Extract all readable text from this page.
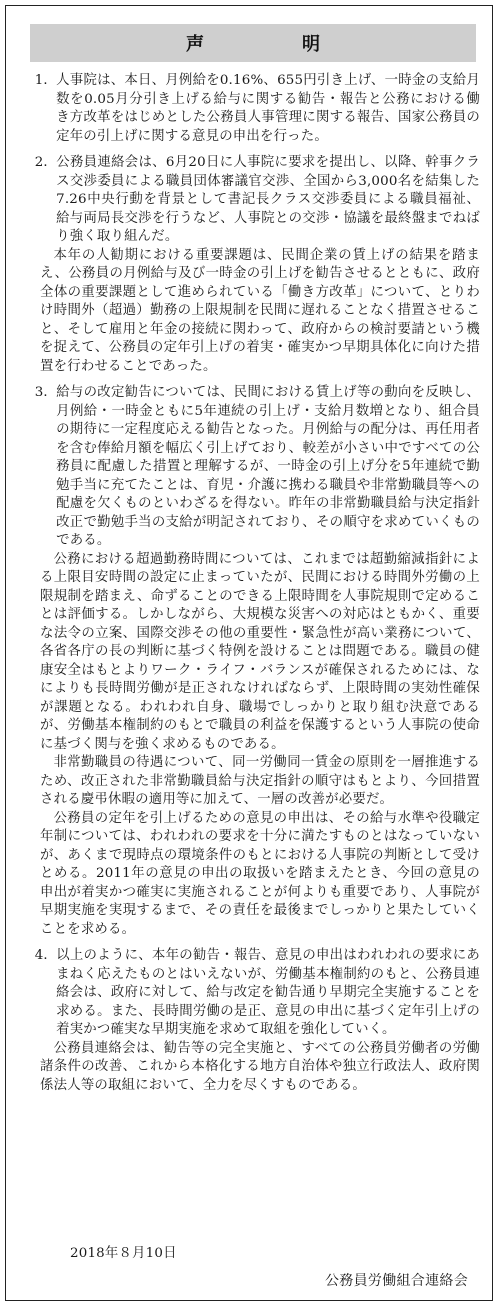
声　明

1．人事院は、本日、月例給を0.16%、655円引き上げ、一時金の支給月数を0.05月分引き上げる給与に関する勧告・報告と公務における働き方改革をはじめとした公務員人事管理に関する報告、国家公務員の定年の引上げに関する意見の申出を行った。

2．公務員連絡会は、6月20日に人事院に要求を提出し、以降、幹事クラス交渉委員による職員団体審議官交渉、全国から3,000名を結集した7.26中央行動を背景として書記長クラス交渉委員による職員福祉、給与両局長交渉を行うなど、人事院との交渉・協議を最終盤までねばり強く取り組んだ。

本年の人勧期における重要課題は、民間企業の賃上げの結果を踏まえ、公務員の月例給与及び一時金の引上げを勧告させるとともに、政府全体の重要課題として進められている「働き方改革」について、とりわけ時間外（超過）勤務の上限規制を民間に遅れることなく措置させること、そして雇用と年金の接続に関わって、政府からの検討要請という機を捉えて、公務員の定年引上げの着実・確実かつ早期具体化に向けた措置を行わせることであった。

3．給与の改定勧告については、民間における賃上げ等の動向を反映し、月例給・一時金ともに5年連続の引上げ・支給月数増となり、組合員の期待に一定程度応える勧告となった。月例給与の配分は、再任用者を含む俸給月額を幅広く引上げており、較差が小さい中ですべての公務員に配慮した措置と理解するが、一時金の引上げ分を5年連続で勤勉手当に充てたことは、育児・介護に携わる職員や非常勤職員等への配慮を欠くものといわざるを得ない。昨年の非常勤職員給与決定指針改正で勤勉手当の支給が明記されており、その順守を求めていくものである。

公務における超過勤務時間については、これまでは超勤縮減指針による上限目安時間の設定に止まっていたが、民間における時間外労働の上限規制を踏まえ、命ずることのできる上限時間を人事院規則で定めることは評価する。しかしながら、大規模な災害への対応はともかく、重要な法令の立案、国際交渉その他の重要性・緊急性が高い業務について、各省各庁の長の判断に基づく特例を設けることは問題である。職員の健康安全はもとよりワーク・ライフ・バランスが確保されるためには、なによりも長時間労働が是正されなければならず、上限時間の実効性確保が課題となる。われわれ自身、職場でしっかりと取り組む決意であるが、労働基本権制約のもとで職員の利益を保護するという人事院の使命に基づく関与を強く求めるものである。

非常勤職員の待遇について、同一労働同一賃金の原則を一層推進するため、改正された非常勤職員給与決定指針の順守はもとより、今回措置される慶弔休暇の適用等に加えて、一層の改善が必要だ。

公務員の定年を引上げるための意見の申出は、その給与水準や役職定年制については、われわれの要求を十分に満たすものとはなっていないが、あくまで現時点の環境条件のもとにおける人事院の判断として受けとめる。2011年の意見の申出の取扱いを踏まえたとき、今回の意見の申出が着実かつ確実に実施されることが何よりも重要であり、人事院が早期実施を実現するまで、その責任を最後までしっかりと果たしていくことを求める。

4．以上のように、本年の勧告・報告、意見の申出はわれわれの要求にあまねく応えたものとはいえないが、労働基本権制約のもと、公務員連絡会は、政府に対して、給与改定を勧告通り早期完全実施することを求める。また、長時間労働の是正、意見の申出に基づく定年引上げの着実かつ確実な早期実施を求めて取組を強化していく。

公務員連絡会は、勧告等の完全実施と、すべての公務員労働者の労働諸条件の改善、これから本格化する地方自治体や独立行政法人、政府関係法人等の取組において、全力を尽くすものである。

2018年８月10日
公務員労働組合連絡会
